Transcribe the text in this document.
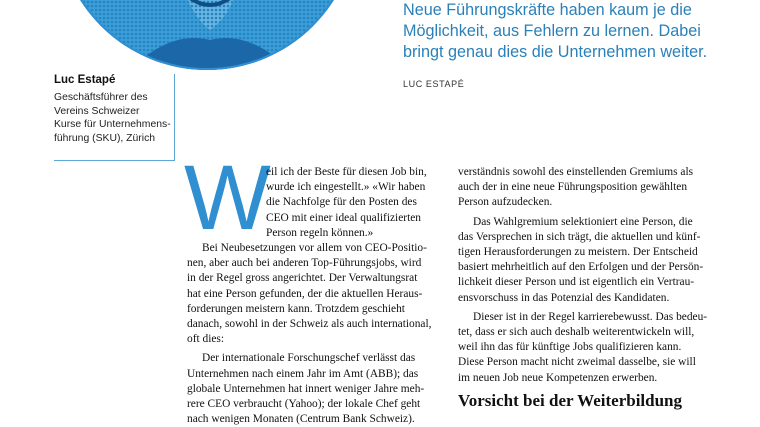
Luc Estapé
Geschäftsführer des
Vereins Schweizer
Kurse für Unternehmens-
führung (SKU), Zürich
Neue Führungskräfte haben kaum je die
Möglichkeit, aus Fehlern zu lernen. Dabei
bringt genau dies die Unternehmen weiter.
LUC ESTAPÉ
W
eil ich der Beste für diesen Job bin,
wurde ich eingestellt.» «Wir haben
die Nachfolge für den Posten des
CEO mit einer ideal qualifizierten
Person regeln können.»
Bei Neubesetzungen vor allem von CEO-Positio-
nen, aber auch bei anderen Top-Führungsjobs, wird
in der Regel gross angerichtet. Der Verwaltungsrat
hat eine Person gefunden, der die aktuellen Heraus-
forderungen meistern kann. Trotzdem geschieht
danach, sowohl in der Schweiz als auch international,
oft dies:
Der internationale Forschungschef verlässt das
Unternehmen nach einem Jahr im Amt (ABB); das
globale Unternehmen hat innert weniger Jahre meh-
rere CEO verbraucht (Yahoo); der lokale Chef geht
nach wenigen Monaten (Centrum Bank Schweiz).
verständnis sowohl des einstellenden Gremiums als
auch der in eine neue Führungsposition gewählten
Person aufzudecken.
Das Wahlgremium selektioniert eine Person, die
das Versprechen in sich trägt, die aktuellen und künf-
tigen Herausforderungen zu meistern. Der Entscheid
basiert mehrheitlich auf den Erfolgen und der Persön-
lichkeit dieser Person und ist eigentlich ein Vertrau-
ensvorschuss in das Potenzial des Kandidaten.
Dieser ist in der Regel karrierebewusst. Das bedeu-
tet, dass er sich auch deshalb weiterentwickeln will,
weil ihn das für künftige Jobs qualifizieren kann.
Diese Person macht nicht zweimal dasselbe, sie will
im neuen Job neue Kompetenzen erwerben.
Vorsicht bei der Weiterbildung
